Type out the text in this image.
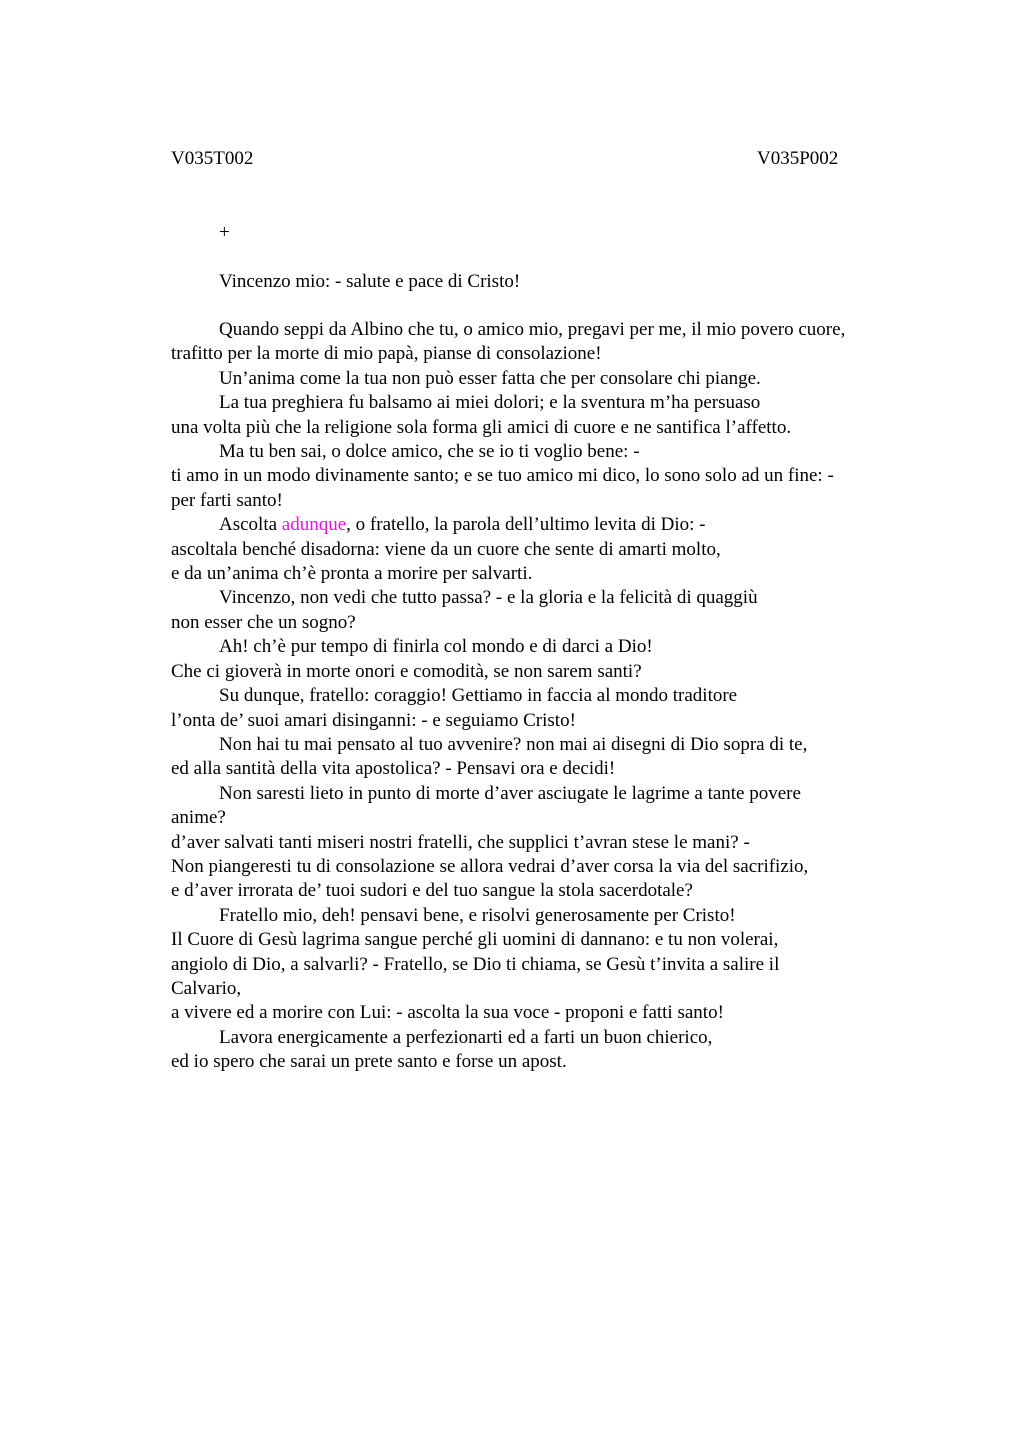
V035T002	V035P002
+
Vincenzo mio: - salute e pace di Cristo!
Quando seppi da Albino che tu, o amico mio, pregavi per me, il mio povero cuore,
trafitto per la morte di mio papà, pianse di consolazione!
Un’anima come la tua non può esser fatta che per consolare chi piange.
La tua preghiera fu balsamo ai miei dolori; e la sventura m’ha persuaso
una volta più che la religione sola forma gli amici di cuore e ne santifica l’affetto.
Ma tu ben sai, o dolce amico, che se io ti voglio bene: -
ti amo in un modo divinamente santo; e se tuo amico mi dico, lo sono solo ad un fine: -
per farti santo!
Ascolta adunque, o fratello, la parola dell’ultimo levita di Dio: -
ascoltala benché disadorna: viene da un cuore che sente di amarti molto,
e da un’anima ch’è pronta a morire per salvarti.
Vincenzo, non vedi che tutto passa? - e la gloria e la felicità di quaggiù
non esser che un sogno?
Ah! ch’è pur tempo di finirla col mondo e di darci a Dio!
Che ci gioverà in morte onori e comodità, se non sarem santi?
Su dunque, fratello: coraggio! Gettiamo in faccia al mondo traditore
l’onta de’ suoi amari disinganni: - e seguiamo Cristo!
Non hai tu mai pensato al tuo avvenire? non mai ai disegni di Dio sopra di te,
ed alla santità della vita apostolica? - Pensavi ora e decidi!
Non saresti lieto in punto di morte d’aver asciugate le lagrime a tante povere
anime?
d’aver salvati tanti miseri nostri fratelli, che supplici t’avran stese le mani? -
Non piangeresti tu di consolazione se allora vedrai d’aver corsa la via del sacrifizio,
e d’aver irrorata de’ tuoi sudori e del tuo sangue la stola sacerdotale?
Fratello mio, deh! pensavi bene, e risolvi generosamente per Cristo!
Il Cuore di Gesù lagrima sangue perché gli uomini di dannano: e tu non volerai,
angiolo di Dio, a salvarli? - Fratello, se Dio ti chiama, se Gesù t’invita a salire il
Calvario,
a vivere ed a morire con Lui: - ascolta la sua voce - proponi e fatti santo!
Lavora energicamente a perfezionarti ed a farti un buon chierico,
ed io spero che sarai un prete santo e forse un apost.
